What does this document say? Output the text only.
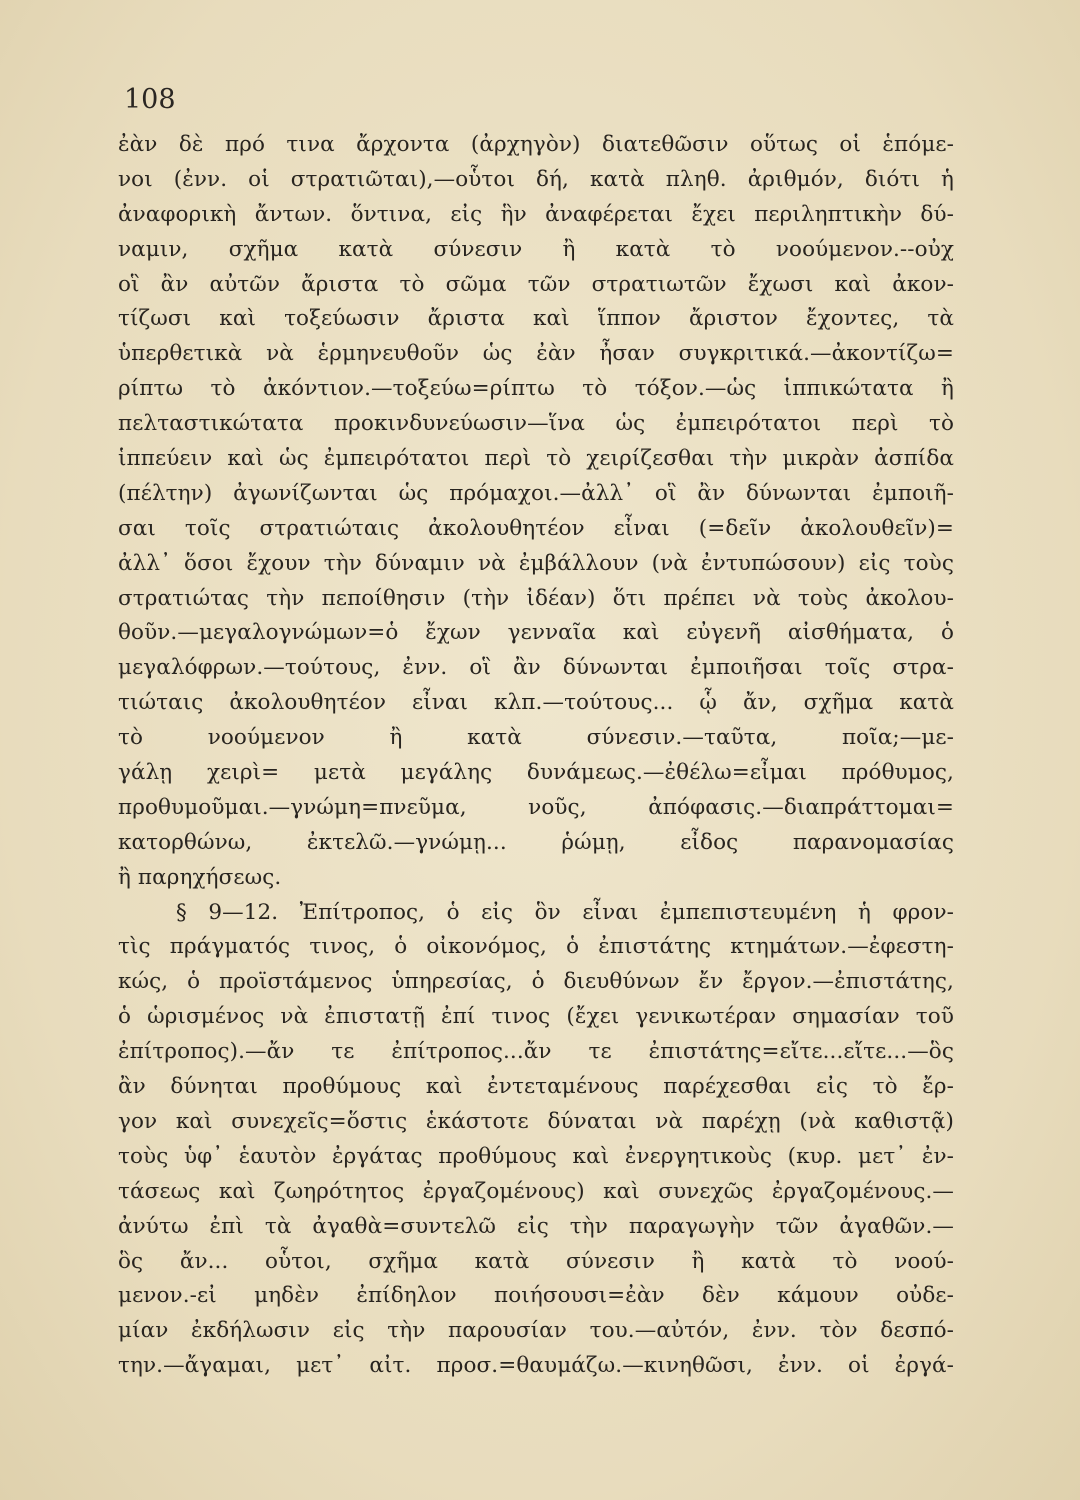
108
ἐὰν δὲ πρό τινα ἄρχοντα (ἀρχηγὸν) διατεθῶσιν οὕτως οἱ ἑπόμε-
νοι (ἐνν. οἱ στρατιῶται),—οὗτοι δή, κατὰ πληθ. ἀριθμόν, διότι ἡ
ἀναφορικὴ ἄντων. ὅντινα, εἰς ἣν ἀναφέρεται ἔχει περιληπτικὴν δύ-
ναμιν, σχῆμα κατὰ σύνεσιν ἢ κατὰ τὸ νοούμενον.--οὐχ
οἳ ἂν αὐτῶν ἄριστα τὸ σῶμα τῶν στρατιωτῶν ἔχωσι καὶ ἀκον-
τίζωσι καὶ τοξεύωσιν ἄριστα καὶ ἵππον ἄριστον ἔχοντες, τὰ
ὑπερθετικὰ νὰ ἑρμηνευθοῦν ὡς ἐὰν ἦσαν συγκριτικά.—ἀκοντίζω=
ρίπτω τὸ ἀκόντιον.—τοξεύω=ρίπτω τὸ τόξον.—ὡς ἱππικώτατα ἢ
πελταστικώτατα προκινδυνεύωσιν—ἵνα ὡς ἐμπειρότατοι περὶ τὸ
ἱππεύειν καὶ ὡς ἐμπειρότατοι περὶ τὸ χειρίζεσθαι τὴν μικρὰν ἀσπίδα
(πέλτην) ἀγωνίζωνται ὡς πρόμαχοι.—ἀλλ᾽ οἳ ἂν δύνωνται ἐμποιῆ-
σαι τοῖς στρατιώταις ἀκολουθητέον εἶναι (=δεῖν ἀκολουθεῖν)=
ἀλλ᾽ ὅσοι ἔχουν τὴν δύναμιν νὰ ἐμβάλλουν (νὰ ἐντυπώσουν) εἰς τοὺς
στρατιώτας τὴν πεποίθησιν (τὴν ἰδέαν) ὅτι πρέπει νὰ τοὺς ἀκολου-
θοῦν.—μεγαλογνώμων=ὁ ἔχων γενναῖα καὶ εὐγενῆ αἰσθήματα, ὁ
μεγαλόφρων.—τούτους, ἐνν. οἳ ἂν δύνωνται ἐμποιῆσαι τοῖς στρα-
τιώταις ἀκολουθητέον εἶναι κλπ.—τούτους... ᾧ ἄν, σχῆμα κατὰ
τὸ νοούμενον ἢ κατὰ σύνεσιν.—ταῦτα, ποῖα;—με-
γάλῃ χειρὶ= μετὰ μεγάλης δυνάμεως.—ἐθέλω=εἶμαι πρόθυμος,
προθυμοῦμαι.—γνώμη=πνεῦμα, νοῦς, ἀπόφασις.—διαπράττομαι=
κατορθώνω, ἐκτελῶ.—γνώμῃ... ῥώμῃ, εἶδος παρανομασίας
ἢ παρηχήσεως.
§ 9—12. Ἐπίτροπος, ὁ εἰς ὃν εἶναι ἐμπεπιστευμένη ἡ φρον-
τὶς πράγματός τινος, ὁ οἰκονόμος, ὁ ἐπιστάτης κτημάτων.—ἐφεστη-
κώς, ὁ προϊστάμενος ὑπηρεσίας, ὁ διευθύνων ἔν ἔργον.—ἐπιστάτης,
ὁ ὡρισμένος νὰ ἐπιστατῇ ἐπί τινος (ἔχει γενικωτέραν σημασίαν τοῦ
ἐπίτροπος).—ἄν τε ἐπίτροπος...ἄν τε ἐπιστάτης=εἴτε...εἴτε...—ὃς
ἂν δύνηται προθύμους καὶ ἐντεταμένους παρέχεσθαι εἰς τὸ ἔρ-
γον καὶ συνεχεῖς=ὅστις ἑκάστοτε δύναται νὰ παρέχῃ (νὰ καθιστᾷ)
τοὺς ὑφ᾽ ἑαυτὸν ἐργάτας προθύμους καὶ ἐνεργητικοὺς (κυρ. μετ᾽ ἐν-
τάσεως καὶ ζωηρότητος ἐργαζομένους) καὶ συνεχῶς ἐργαζομένους.—
ἀνύτω ἐπὶ τὰ ἀγαθὰ=συντελῶ εἰς τὴν παραγωγὴν τῶν ἀγαθῶν.—
ὃς ἄν... οὗτοι, σχῆμα κατὰ σύνεσιν ἢ κατὰ τὸ νοού-
μενον.-εἰ μηδὲν ἐπίδηλον ποιήσουσι=ἐὰν δὲν κάμουν οὐδε-
μίαν ἐκδήλωσιν εἰς τὴν παρουσίαν του.—αὐτόν, ἐνν. τὸν δεσπό-
την.—ἄγαμαι, μετ᾽ αἰτ. προσ.=θαυμάζω.—κινηθῶσι, ἐνν. οἱ ἐργά-
